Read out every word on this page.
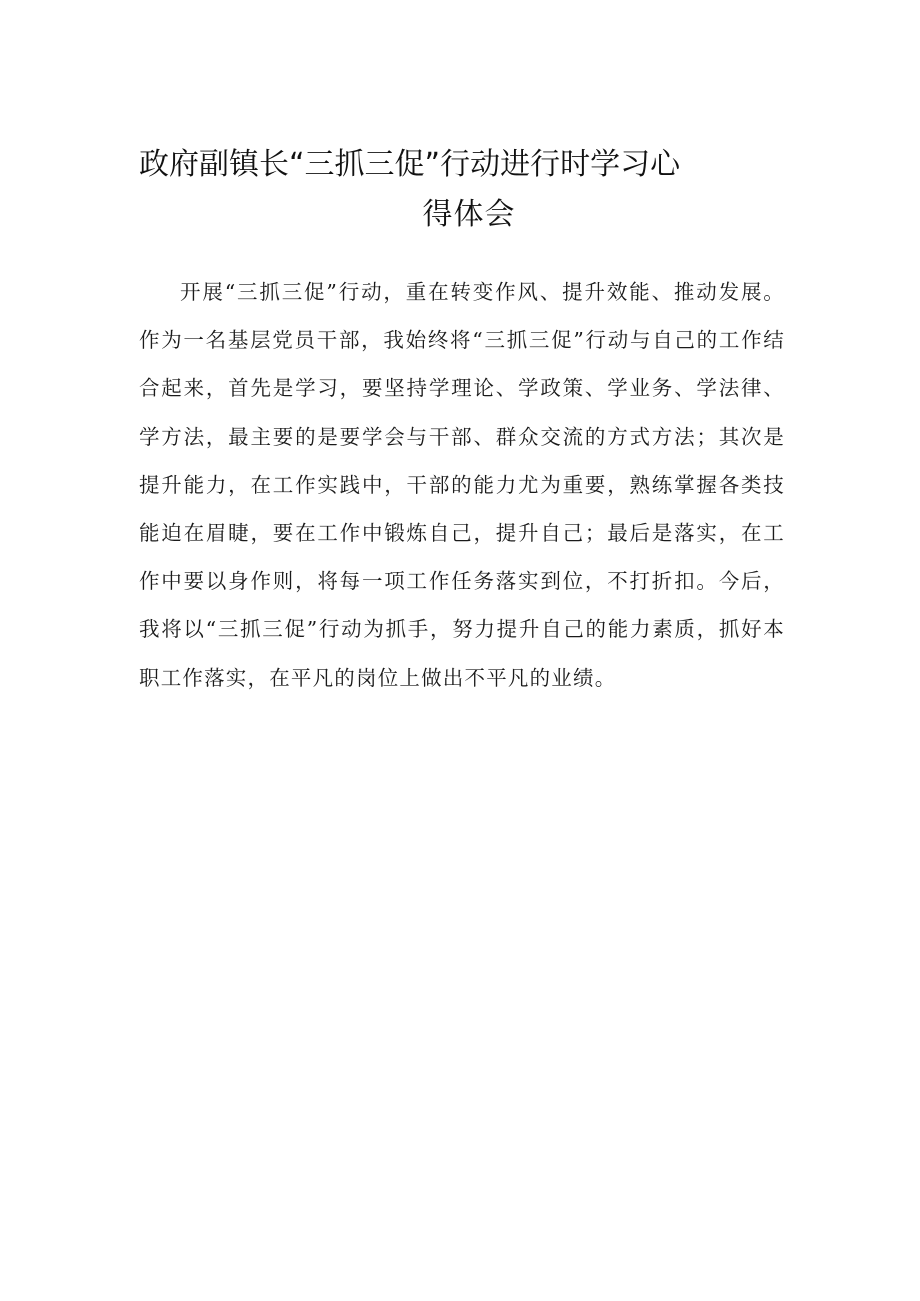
政府副镇长“三抓三促”行动进行时学习心
得体会

开展“三抓三促”行动，重在转变作风、提升效能、推动发展。作为一名基层党员干部，我始终将“三抓三促”行动与自己的工作结合起来，首先是学习，要坚持学理论、学政策、学业务、学法律、学方法，最主要的是要学会与干部、群众交流的方式方法；其次是提升能力，在工作实践中，干部的能力尤为重要，熟练掌握各类技能迫在眉睫，要在工作中锻炼自己，提升自己；最后是落实，在工作中要以身作则，将每一项工作任务落实到位，不打折扣。今后，我将以“三抓三促”行动为抓手，努力提升自己的能力素质，抓好本职工作落实，在平凡的岗位上做出不平凡的业绩。
